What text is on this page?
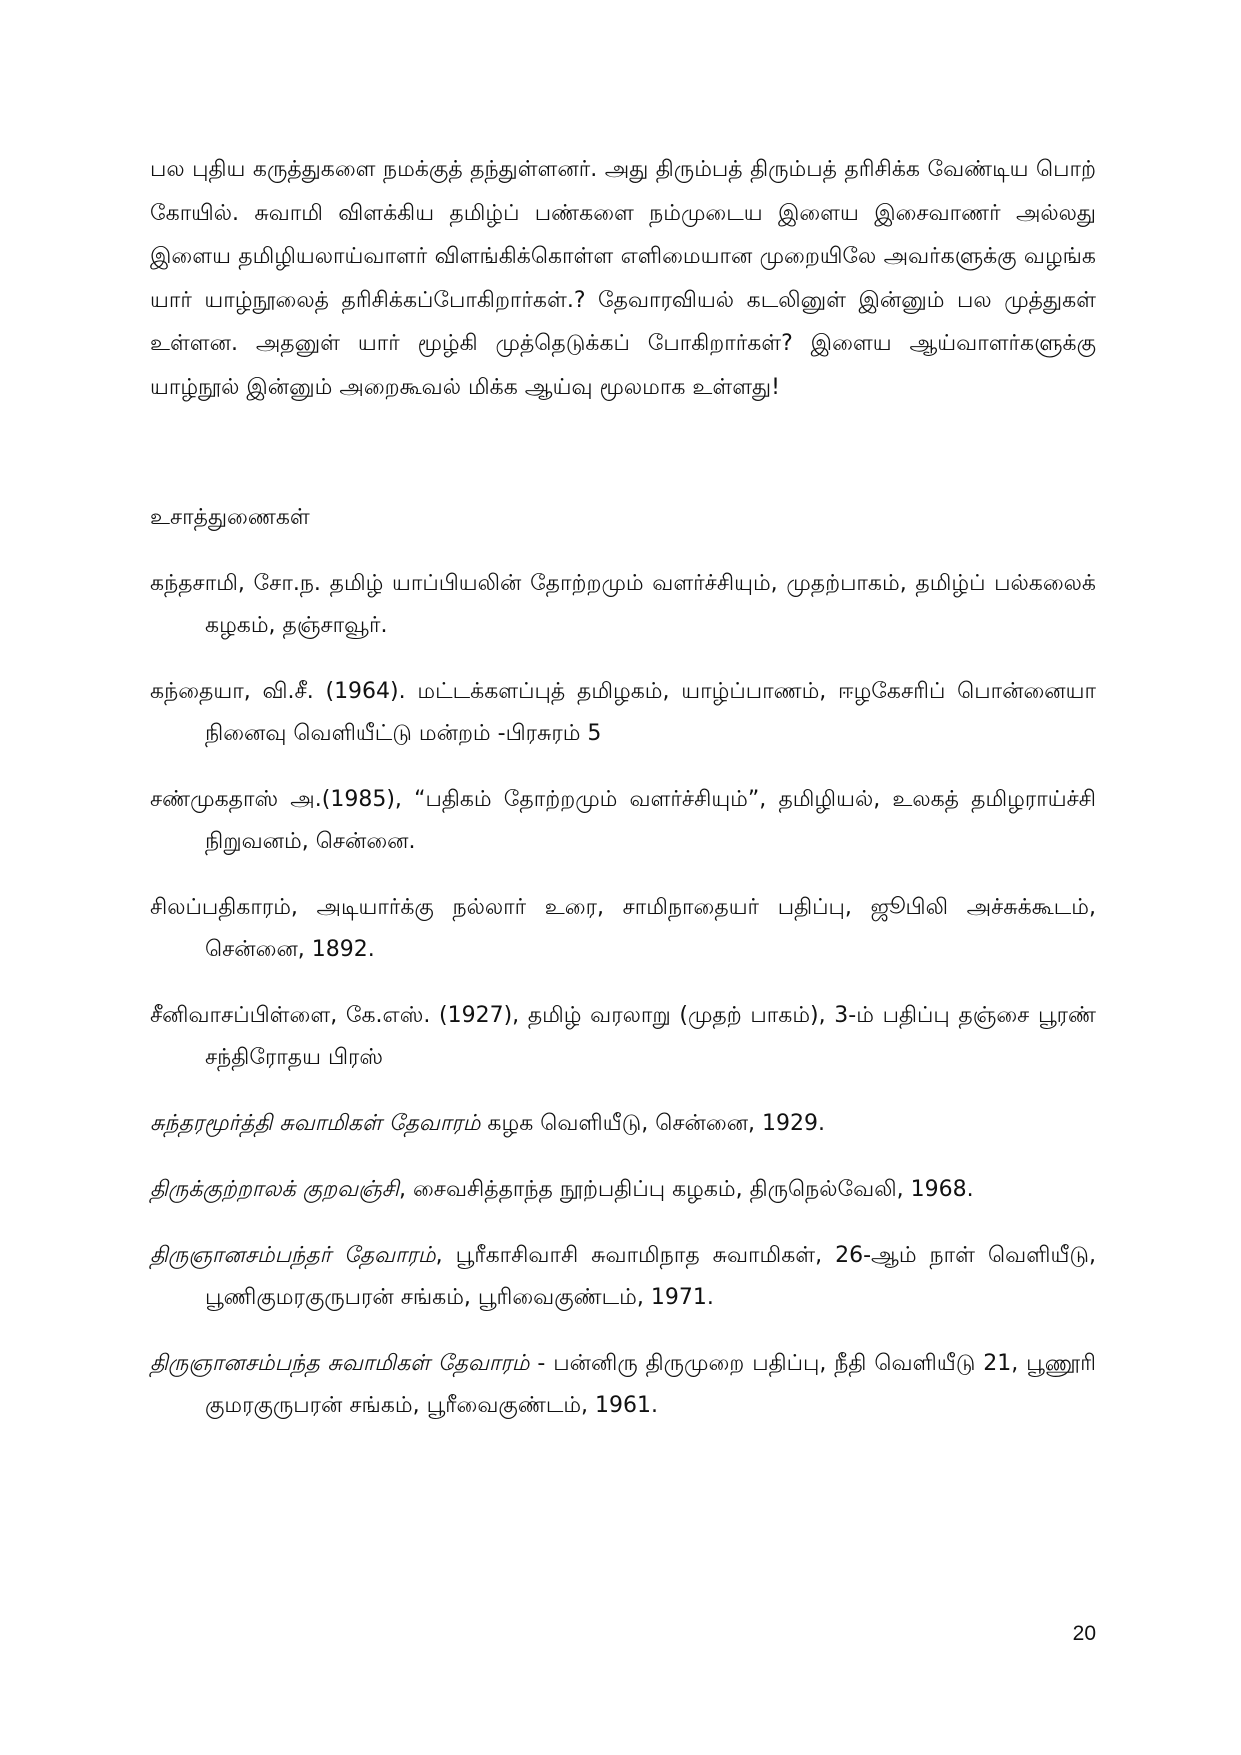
பல புதிய கருத்துகளை நமக்குத் தந்துள்ளனர். அது திரும்பத் திரும்பத் தரிசிக்க வேண்டிய பொற் கோயில். சுவாமி விளக்கிய தமிழ்ப் பண்களை நம்முடைய இளைய இசைவாணர் அல்லது இளைய தமிழியலாய்வாளர் விளங்கிக்கொள்ள எளிமையான முறையிலே அவர்களுக்கு வழங்க யார் யாழ்நூலைத் தரிசிக்கப்போகிறார்கள்.? தேவாரவியல் கடலினுள் இன்னும் பல முத்துகள் உள்ளன. அதனுள் யார் மூழ்கி முத்தெடுக்கப் போகிறார்கள்? இளைய ஆய்வாளர்களுக்கு யாழ்நூல் இன்னும் அறைகூவல் மிக்க ஆய்வு மூலமாக உள்ளது!

உசாத்துணைகள்

கந்தசாமி, சோ.ந. தமிழ் யாப்பியலின் தோற்றமும் வளர்ச்சியும், முதற்பாகம், தமிழ்ப் பல்கலைக் கழகம், தஞ்சாவூர்.

கந்தையா, வி.சீ. (1964). மட்டக்களப்புத் தமிழகம், யாழ்ப்பாணம், ஈழகேசரிப் பொன்னையா நினைவு வெளியீட்டு மன்றம் -பிரசுரம் 5

சண்முகதாஸ் அ.(1985), “பதிகம் தோற்றமும் வளர்ச்சியும்”, தமிழியல், உலகத் தமிழராய்ச்சி நிறுவனம், சென்னை.

சிலப்பதிகாரம், அடியார்க்கு நல்லார் உரை, சாமிநாதையர் பதிப்பு, ஜூபிலி அச்சுக்கூடம், சென்னை, 1892.

சீனிவாசப்பிள்ளை, கே.எஸ். (1927), தமிழ் வரலாறு (முதற் பாகம்), 3-ம் பதிப்பு தஞ்சை பூரண் சந்திரோதய பிரஸ்

சுந்தரமூர்த்தி சுவாமிகள் தேவாரம் கழக வெளியீடு, சென்னை, 1929.

திருக்குற்றாலக் குறவஞ்சி, சைவசித்தாந்த நூற்பதிப்பு கழகம், திருநெல்வேலி, 1968.

திருஞானசம்பந்தர் தேவாரம், பூரீகாசிவாசி சுவாமிநாத சுவாமிகள், 26-ஆம் நாள் வெளியீடு, பூணிகுமரகுருபரன் சங்கம், பூரிவைகுண்டம், 1971.

திருஞானசம்பந்த சுவாமிகள் தேவாரம் - பன்னிரு திருமுறை பதிப்பு, நீதி வெளியீடு 21, பூணூரி குமரகுருபரன் சங்கம், பூரீவைகுண்டம், 1961.

20
